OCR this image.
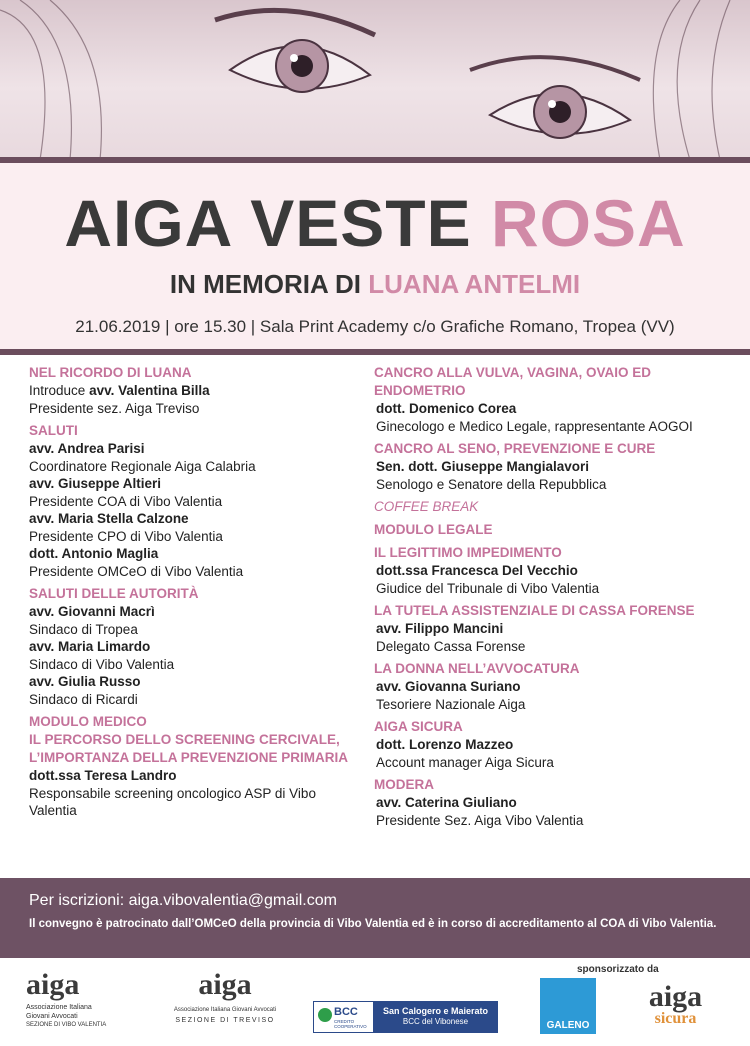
AIGA VESTE ROSA
IN MEMORIA DI LUANA ANTELMI
21.06.2019 | ore 15.30 | Sala Print Academy c/o Grafiche Romano, Tropea (VV)
NEL RICORDO DI LUANA
Introduce avv. Valentina Billa
Presidente sez. Aiga Treviso
SALUTI
avv. Andrea Parisi
Coordinatore Regionale Aiga Calabria
avv. Giuseppe Altieri
Presidente COA di Vibo Valentia
avv. Maria Stella Calzone
Presidente CPO di Vibo Valentia
dott. Antonio Maglia
Presidente OMCeO di Vibo Valentia
SALUTI DELLE AUTORITÀ
avv. Giovanni Macrì
Sindaco di Tropea
avv. Maria Limardo
Sindaco di Vibo Valentia
avv. Giulia Russo
Sindaco di Ricardi
MODULO MEDICO
IL PERCORSO DELLO SCREENING CERCIVALE, L’IMPORTANZA DELLA PREVENZIONE PRIMARIA
dott.ssa Teresa Landro
Responsabile screening oncologico ASP di Vibo Valentia
CANCRO ALLA VULVA, VAGINA, OVAIO ED ENDOMETRIO
dott. Domenico Corea
Ginecologo e Medico Legale, rappresentante AOGOI
CANCRO AL SENO, PREVENZIONE E CURE
Sen. dott. Giuseppe Mangialavori
Senologo e Senatore della Repubblica
COFFEE BREAK
MODULO LEGALE
IL LEGITTIMO IMPEDIMENTO
dott.ssa Francesca Del Vecchio
Giudice del Tribunale di Vibo Valentia
LA TUTELA ASSISTENZIALE DI CASSA FORENSE
avv. Filippo Mancini
Delegato Cassa Forense
LA DONNA NELL’AVVOCATURA
avv. Giovanna Suriano
Tesoriere Nazionale Aiga
AIGA SICURA
dott. Lorenzo Mazzeo
Account manager Aiga Sicura
MODERA
avv. Caterina Giuliano
Presidente Sez. Aiga Vibo Valentia
Per iscrizioni: aiga.vibovalentia@gmail.com
Il convegno è patrocinato dall’OMCeO della provincia di Vibo Valentia ed è in corso di accreditamento al COA di Vibo Valentia.
aiga
Associazione Italiana
Giovani Avvocati
SEZIONE DI VIBO VALENTIA
aiga
Associazione Italiana Giovani Avvocati
SEZIONE DI TREVISO
BCC
CREDITO COOPERATIVO
San Calogero e Maierato
BCC del Vibonese
sponsorizzato da
GALENO
aiga
sicura
